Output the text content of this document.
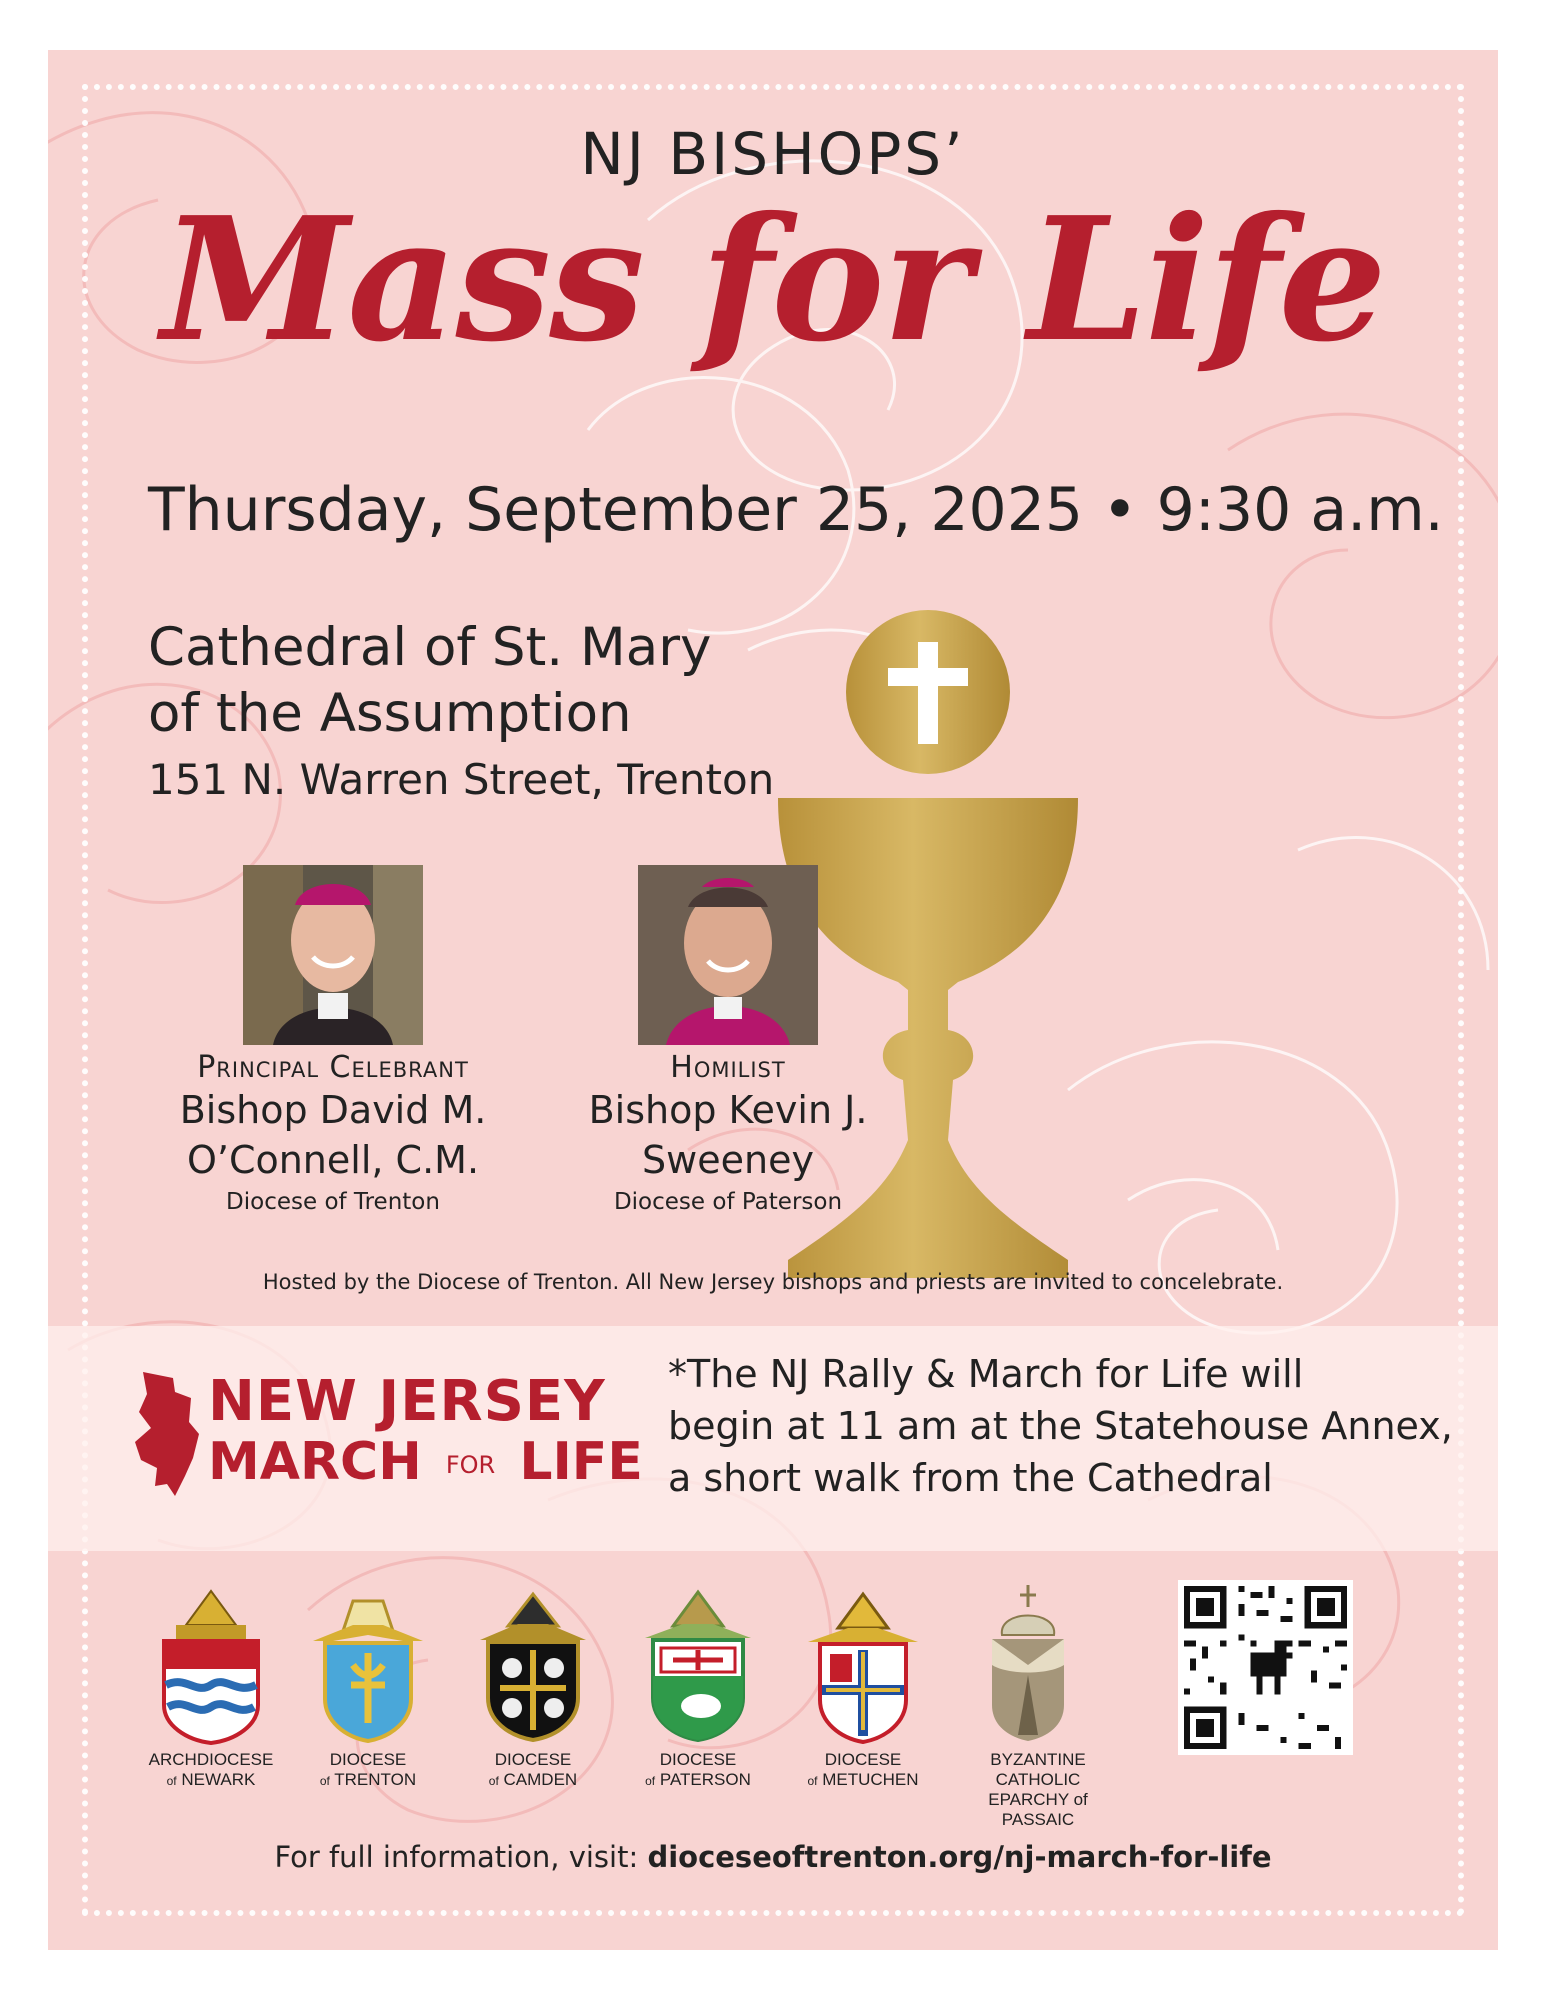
NJ BISHOPS’
Mass for Life
Thursday, September 25, 2025 • 9:30 a.m.
Cathedral of St. Mary
of the Assumption
151 N. Warren Street, Trenton
Principal Celebrant
Bishop David M.
O’Connell, C.M.
Diocese of Trenton
Homilist
Bishop Kevin J.
Sweeney
Diocese of Paterson
Hosted by the Diocese of Trenton. All New Jersey bishops and priests are invited to concelebrate.
NEW JERSEY
MARCH FOR LIFE
*The NJ Rally & March for Life will
begin at 11 am at the Statehouse Annex,
a short walk from the Cathedral
ARCHDIOCESE
of NEWARK
DIOCESE
of TRENTON
DIOCESE
of CAMDEN
DIOCESE
of PATERSON
DIOCESE
of METUCHEN
BYZANTINE CATHOLIC
EPARCHY of PASSAIC
For full information, visit: dioceseoftrenton.org/nj-march-for-life
